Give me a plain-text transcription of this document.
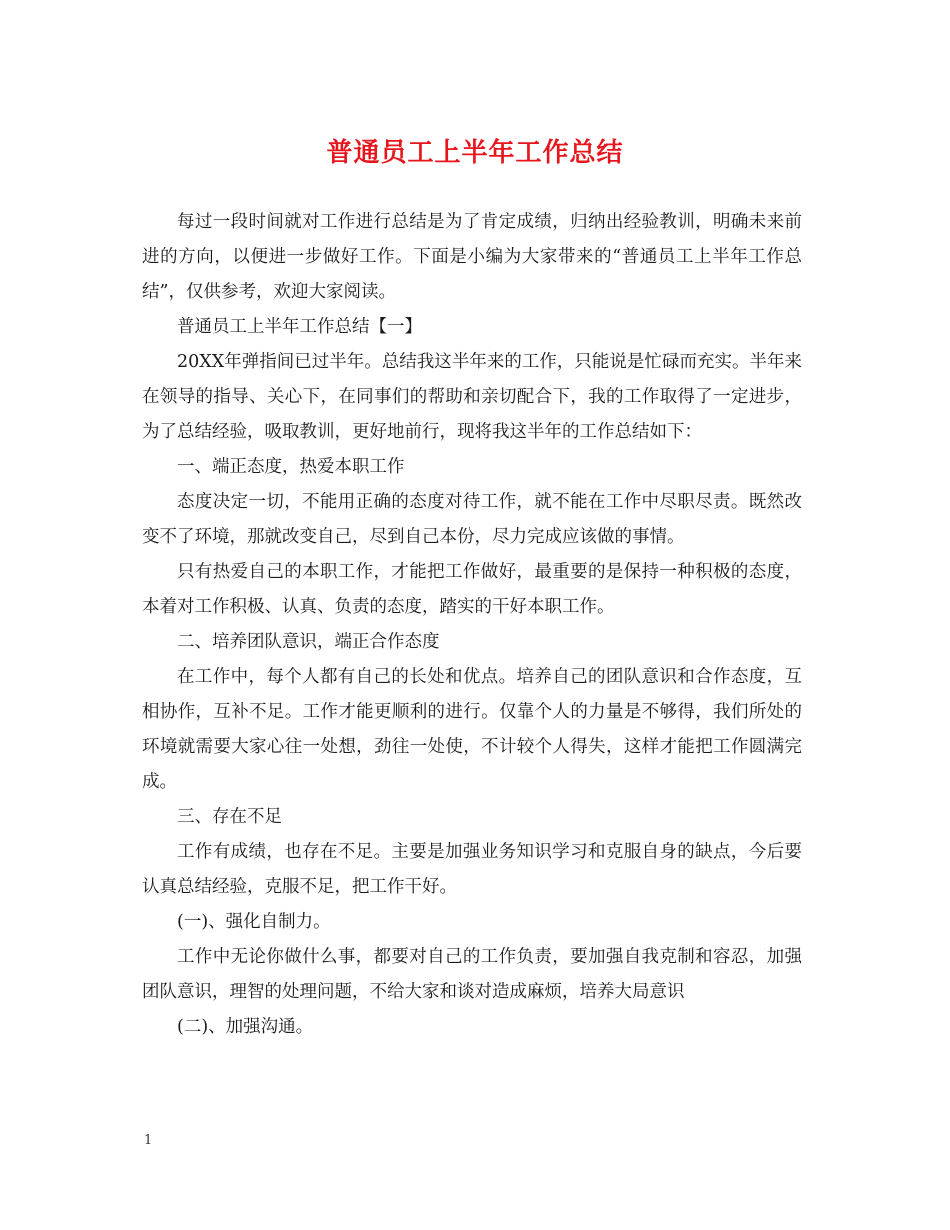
普通员工上半年工作总结

每过一段时间就对工作进行总结是为了肯定成绩，归纳出经验教训，明确未来前进的方向，以便进一步做好工作。下面是小编为大家带来的“普通员工上半年工作总结”，仅供参考，欢迎大家阅读。

普通员工上半年工作总结【一】

20XX年弹指间已过半年。总结我这半年来的工作，只能说是忙碌而充实。半年来在领导的指导、关心下，在同事们的帮助和亲切配合下，我的工作取得了一定进步，为了总结经验，吸取教训，更好地前行，现将我这半年的工作总结如下：

一、端正态度，热爱本职工作

态度决定一切，不能用正确的态度对待工作，就不能在工作中尽职尽责。既然改变不了环境，那就改变自己，尽到自己本份，尽力完成应该做的事情。

只有热爱自己的本职工作，才能把工作做好，最重要的是保持一种积极的态度，本着对工作积极、认真、负责的态度，踏实的干好本职工作。

二、培养团队意识，端正合作态度

在工作中，每个人都有自己的长处和优点。培养自己的团队意识和合作态度，互相协作，互补不足。工作才能更顺利的进行。仅靠个人的力量是不够得，我们所处的环境就需要大家心往一处想，劲往一处使，不计较个人得失，这样才能把工作圆满完成。

三、存在不足

工作有成绩，也存在不足。主要是加强业务知识学习和克服自身的缺点，今后要认真总结经验，克服不足，把工作干好。

(一)、强化自制力。

工作中无论你做什么事，都要对自己的工作负责，要加强自我克制和容忍，加强团队意识，理智的处理问题，不给大家和谈对造成麻烦，培养大局意识

(二)、加强沟通。

1
